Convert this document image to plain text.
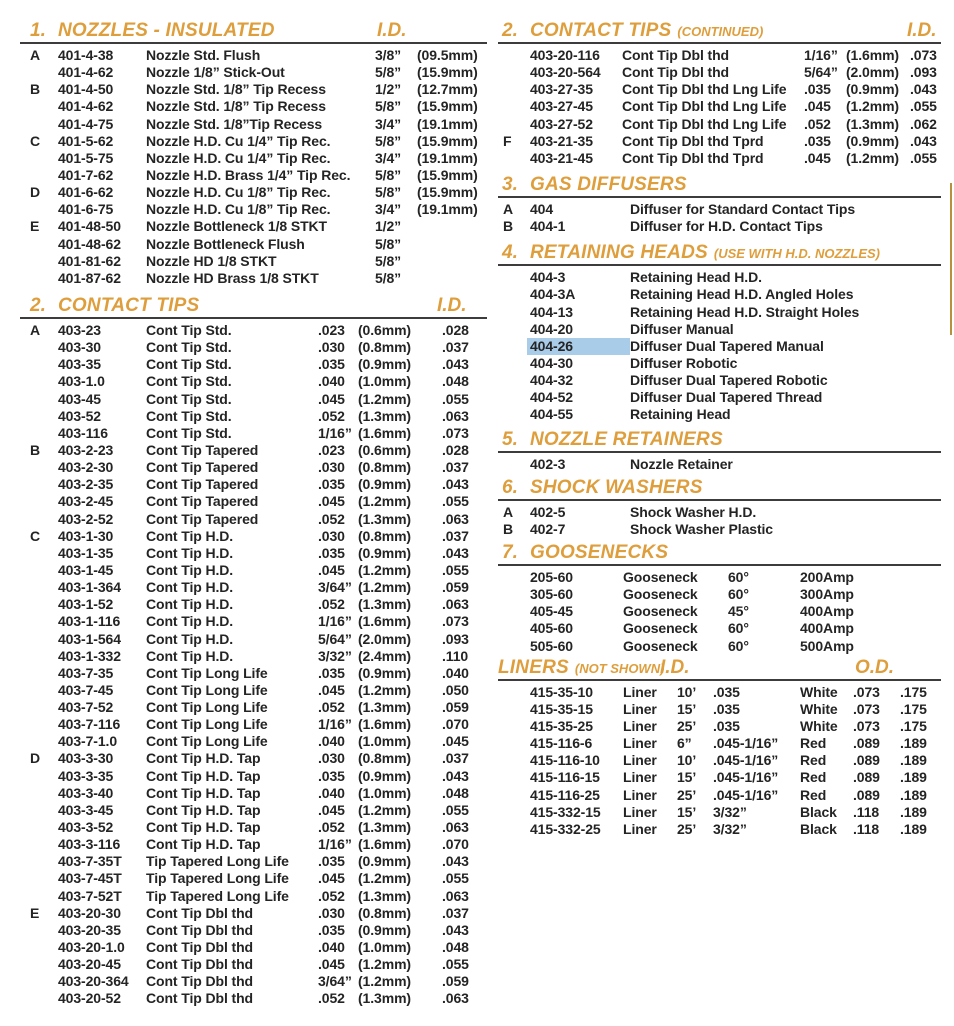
1. NOZZLES - INSULATED	I.D.
A	401-4-38	Nozzle Std. Flush	3/8”	(09.5mm)
401-4-62	Nozzle 1/8” Stick-Out	5/8”	(15.9mm)
B	401-4-50	Nozzle Std. 1/8” Tip Recess	1/2”	(12.7mm)
401-4-62	Nozzle Std. 1/8” Tip Recess	5/8”	(15.9mm)
401-4-75	Nozzle Std. 1/8”Tip Recess	3/4”	(19.1mm)
C	401-5-62	Nozzle H.D. Cu 1/4” Tip Rec.	5/8”	(15.9mm)
401-5-75	Nozzle H.D. Cu 1/4” Tip Rec.	3/4”	(19.1mm)
401-7-62	Nozzle H.D. Brass 1/4” Tip Rec.	5/8”	(15.9mm)
D	401-6-62	Nozzle H.D. Cu 1/8” Tip Rec.	5/8”	(15.9mm)
401-6-75	Nozzle H.D. Cu 1/8” Tip Rec.	3/4”	(19.1mm)
E	401-48-50	Nozzle Bottleneck 1/8 STKT	1/2”
401-48-62	Nozzle Bottleneck Flush	5/8”
401-81-62	Nozzle HD 1/8 STKT	5/8”
401-87-62	Nozzle HD Brass 1/8 STKT	5/8”
2. CONTACT TIPS	I.D.
A	403-23	Cont Tip Std.	.023 (0.6mm)	.028
403-30	Cont Tip Std.	.030 (0.8mm)	.037
403-35	Cont Tip Std.	.035 (0.9mm)	.043
403-1.0	Cont Tip Std.	.040 (1.0mm)	.048
403-45	Cont Tip Std.	.045 (1.2mm)	.055
403-52	Cont Tip Std.	.052 (1.3mm)	.063
403-116	Cont Tip Std.	1/16” (1.6mm)	.073
B	403-2-23	Cont Tip Tapered	.023 (0.6mm)	.028
403-2-30	Cont Tip Tapered	.030 (0.8mm)	.037
403-2-35	Cont Tip Tapered	.035 (0.9mm)	.043
403-2-45	Cont Tip Tapered	.045 (1.2mm)	.055
403-2-52	Cont Tip Tapered	.052 (1.3mm)	.063
C	403-1-30	Cont Tip H.D.	.030 (0.8mm)	.037
403-1-35	Cont Tip H.D.	.035 (0.9mm)	.043
403-1-45	Cont Tip H.D.	.045 (1.2mm)	.055
403-1-364	Cont Tip H.D.	3/64” (1.2mm)	.059
403-1-52	Cont Tip H.D.	.052 (1.3mm)	.063
403-1-116	Cont Tip H.D.	1/16” (1.6mm)	.073
403-1-564	Cont Tip H.D.	5/64” (2.0mm)	.093
403-1-332	Cont Tip H.D.	3/32” (2.4mm)	.110
403-7-35	Cont Tip Long Life	.035 (0.9mm)	.040
403-7-45	Cont Tip Long Life	.045 (1.2mm)	.050
403-7-52	Cont Tip Long Life	.052 (1.3mm)	.059
403-7-116	Cont Tip Long Life	1/16” (1.6mm)	.070
403-7-1.0	Cont Tip Long Life	.040 (1.0mm)	.045
D	403-3-30	Cont Tip H.D. Tap	.030 (0.8mm)	.037
403-3-35	Cont Tip H.D. Tap	.035 (0.9mm)	.043
403-3-40	Cont Tip H.D. Tap	.040 (1.0mm)	.048
403-3-45	Cont Tip H.D. Tap	.045 (1.2mm)	.055
403-3-52	Cont Tip H.D. Tap	.052 (1.3mm)	.063
403-3-116	Cont Tip H.D. Tap	1/16” (1.6mm)	.070
403-7-35T	Tip Tapered Long Life	.035 (0.9mm)	.043
403-7-45T	Tip Tapered Long Life	.045 (1.2mm)	.055
403-7-52T	Tip Tapered Long Life	.052 (1.3mm)	.063
E	403-20-30	Cont Tip Dbl thd	.030 (0.8mm)	.037
403-20-35	Cont Tip Dbl thd	.035 (0.9mm)	.043
403-20-1.0	Cont Tip Dbl thd	.040 (1.0mm)	.048
403-20-45	Cont Tip Dbl thd	.045 (1.2mm)	.055
403-20-364	Cont Tip Dbl thd	3/64” (1.2mm)	.059
403-20-52	Cont Tip Dbl thd	.052 (1.3mm)	.063
2. CONTACT TIPS (CONTINUED)	I.D.
403-20-116	Cont Tip Dbl thd	1/16” (1.6mm) .073
403-20-564	Cont Tip Dbl thd	5/64” (2.0mm) .093
403-27-35	Cont Tip Dbl thd Lng Life	.035	(0.9mm) .043
403-27-45	Cont Tip Dbl thd Lng Life	.045	(1.2mm) .055
403-27-52	Cont Tip Dbl thd Lng Life	.052	(1.3mm) .062
F	403-21-35	Cont Tip Dbl thd Tprd	.035	(0.9mm) .043
403-21-45	Cont Tip Dbl thd Tprd	.045	(1.2mm) .055
3. GAS DIFFUSERS
A	404	Diffuser for Standard Contact Tips
B	404-1	Diffuser for H.D. Contact Tips
4. RETAINING HEADS (USE WITH H.D. NOZZLES)
404-3	Retaining Head H.D.
404-3A	Retaining Head H.D. Angled Holes
404-13	Retaining Head H.D. Straight Holes
404-20	Diffuser Manual
404-26	Diffuser Dual Tapered Manual
404-30	Diffuser Robotic
404-32	Diffuser Dual Tapered Robotic
404-52	Diffuser Dual Tapered Thread
404-55	Retaining Head
5. NOZZLE RETAINERS
402-3	Nozzle Retainer
6. SHOCK WASHERS
A	402-5	Shock Washer H.D.
B	402-7	Shock Washer Plastic
7. GOOSENECKS
205-60	Gooseneck	60°	200Amp
305-60	Gooseneck	60°	300Amp
405-45	Gooseneck	45°	400Amp
405-60	Gooseneck	60°	400Amp
505-60	Gooseneck	60°	500Amp
LINERS (NOT SHOWN)
I.D.	O.D.
415-35-10	Liner	10’	.035	White	.073	.175
415-35-15	Liner	15’	.035	White	.073	.175
415-35-25	Liner	25’	.035	White	.073	.175
415-116-6	Liner	6”	.045-1/16”	Red	.089	.189
415-116-10	Liner	10’	.045-1/16”	Red	.089	.189
415-116-15	Liner	15’	.045-1/16”	Red	.089	.189
415-116-25	Liner	25’	.045-1/16”	Red	.089	.189
415-332-15	Liner	15’	3/32”	Black	.118	.189
415-332-25	Liner	25’	3/32”	Black	.118	.189
